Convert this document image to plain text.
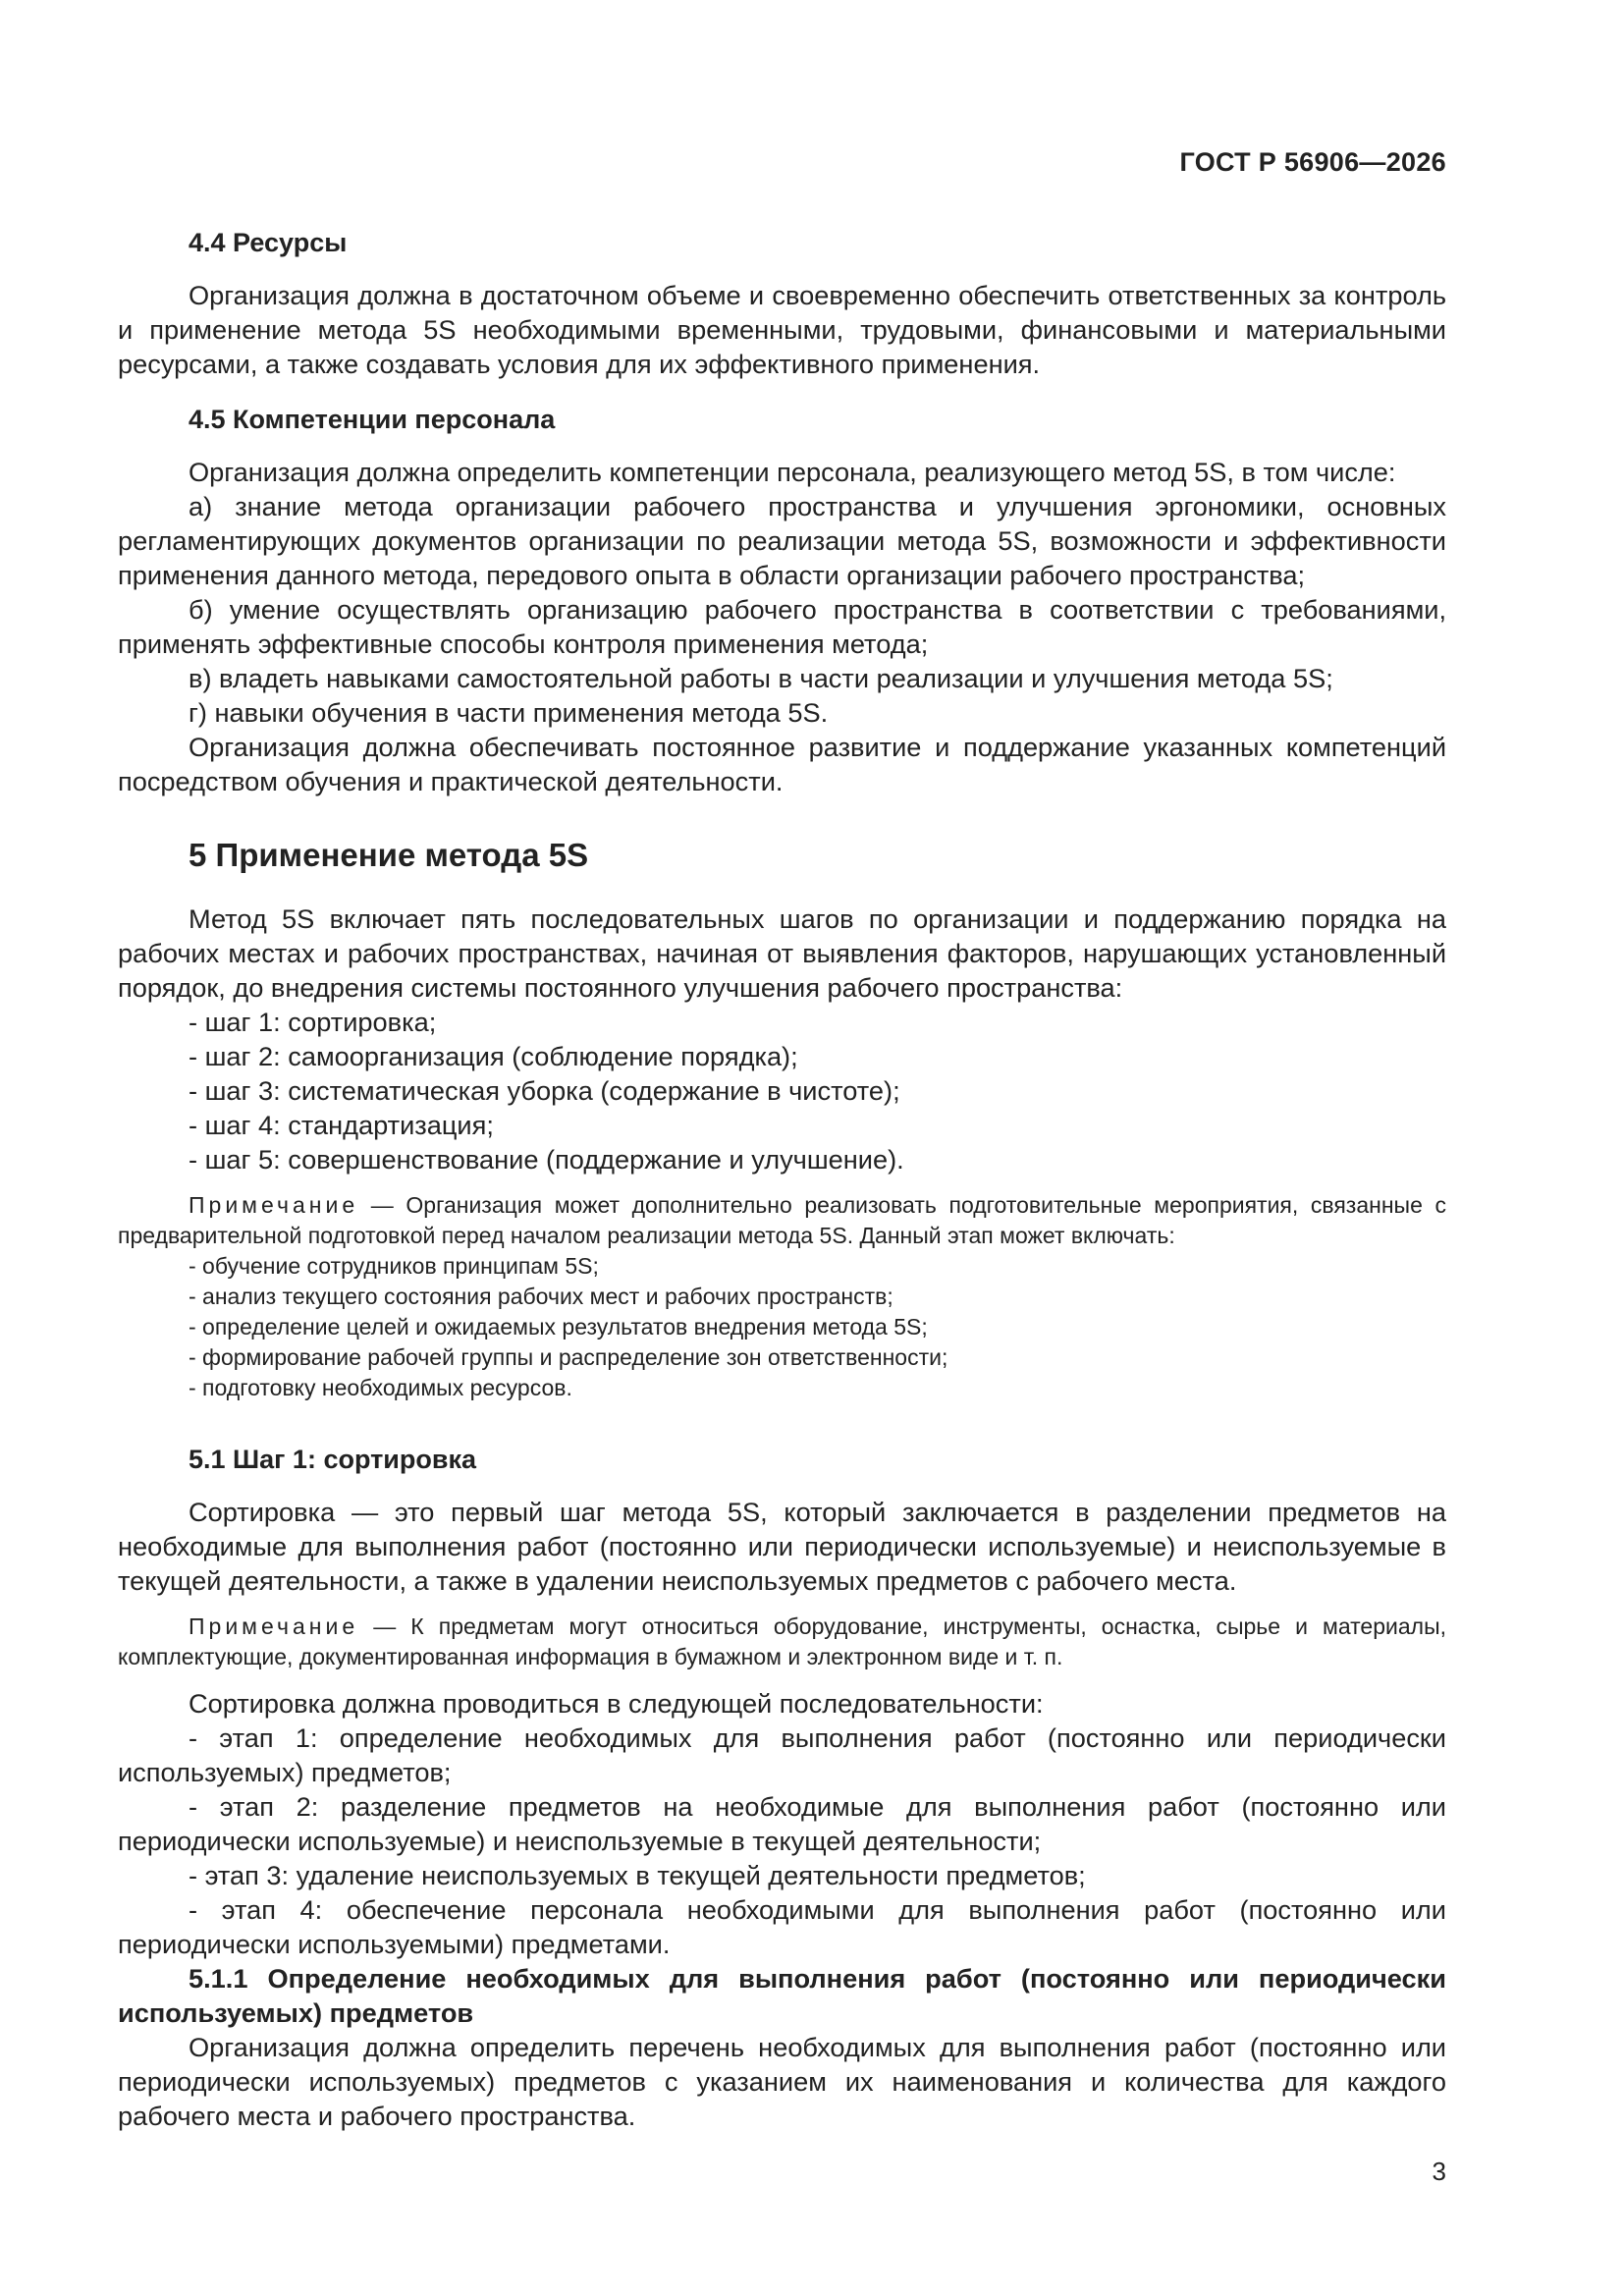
ГОСТ Р 56906—2026
4.4 Ресурсы

Организация должна в достаточном объеме и своевременно обеспечить ответственных за контроль и применение метода 5S необходимыми временными, трудовыми, финансовыми и материальными ресурсами, а также создавать условия для их эффективного применения.

4.5 Компетенции персонала

Организация должна определить компетенции персонала, реализующего метод 5S, в том числе:

а) знание метода организации рабочего пространства и улучшения эргономики, основных регламентирующих документов организации по реализации метода 5S, возможности и эффективности применения данного метода, передового опыта в области организации рабочего пространства;

б) умение осуществлять организацию рабочего пространства в соответствии с требованиями, применять эффективные способы контроля применения метода;

в) владеть навыками самостоятельной работы в части реализации и улучшения метода 5S;

г) навыки обучения в части применения метода 5S.

Организация должна обеспечивать постоянное развитие и поддержание указанных компетенций посредством обучения и практической деятельности.

5 Применение метода 5S

Метод 5S включает пять последовательных шагов по организации и поддержанию порядка на рабочих местах и рабочих пространствах, начиная от выявления факторов, нарушающих установленный порядок, до внедрения системы постоянного улучшения рабочего пространства:

- шаг 1: сортировка;

- шаг 2: самоорганизация (соблюдение порядка);

- шаг 3: систематическая уборка (содержание в чистоте);

- шаг 4: стандартизация;

- шаг 5: совершенствование (поддержание и улучшение).

Примечание — Организация может дополнительно реализовать подготовительные мероприятия, связанные с предварительной подготовкой перед началом реализации метода 5S. Данный этап может включать:

- обучение сотрудников принципам 5S;
- анализ текущего состояния рабочих мест и рабочих пространств;
- определение целей и ожидаемых результатов внедрения метода 5S;
- формирование рабочей группы и распределение зон ответственности;
- подготовку необходимых ресурсов.
5.1 Шаг 1: сортировка

Сортировка — это первый шаг метода 5S, который заключается в разделении предметов на необходимые для выполнения работ (постоянно или периодически используемые) и неиспользуемые в текущей деятельности, а также в удалении неиспользуемых предметов с рабочего места.

Примечание — К предметам могут относиться оборудование, инструменты, оснастка, сырье и материалы, комплектующие, документированная информация в бумажном и электронном виде и т. п.

Сортировка должна проводиться в следующей последовательности:

- этап 1: определение необходимых для выполнения работ (постоянно или периодически используемых) предметов;

- этап 2: разделение предметов на необходимые для выполнения работ (постоянно или периодически используемые) и неиспользуемые в текущей деятельности;

- этап 3: удаление неиспользуемых в текущей деятельности предметов;

- этап 4: обеспечение персонала необходимыми для выполнения работ (постоянно или периодически используемыми) предметами.

5.1.1 Определение необходимых для выполнения работ (постоянно или периодически используемых) предметов

Организация должна определить перечень необходимых для выполнения работ (постоянно или периодически используемых) предметов с указанием их наименования и количества для каждого рабочего места и рабочего пространства.

3
